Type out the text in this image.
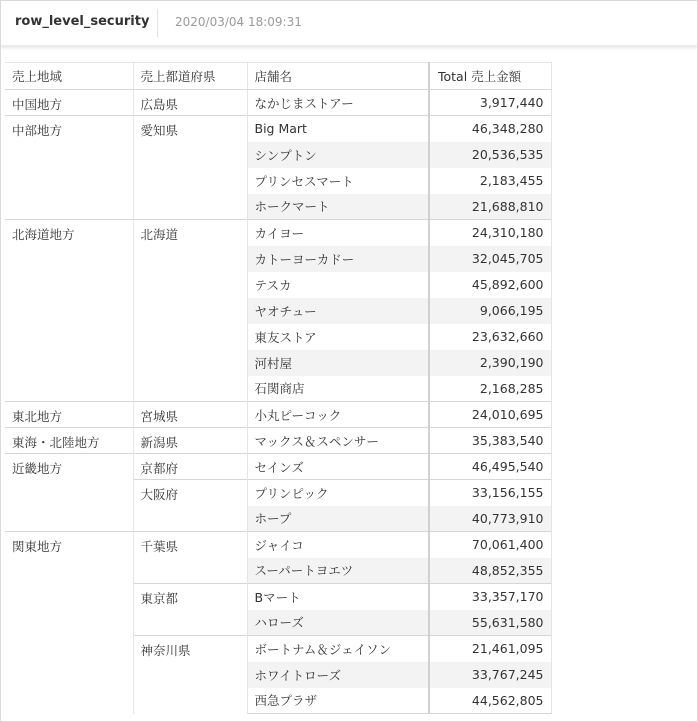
row_level_security 2020/03/04 18:09:31
売上地域	売上都道府県	店舗名	Total 売上金額
中国地方	広島県	なかじまストアー	3,917,440
中部地方	愛知県	Big Mart	46,348,280
		シンプトン	20,536,535
		プリンセスマート	2,183,455
		ホークマート	21,688,810
北海道地方	北海道	カイヨー	24,310,180
		カトーヨーカドー	32,045,705
		テスカ	45,892,600
		ヤオチュー	9,066,195
		東友ストア	23,632,660
		河村屋	2,390,190
		石関商店	2,168,285
東北地方	宮城県	小丸ピーコック	24,010,695
東海・北陸地方	新潟県	マックス＆スペンサー	35,383,540
近畿地方	京都府	セインズ	46,495,540
	大阪府	プリンピック	33,156,155
		ホープ	40,773,910
関東地方	千葉県	ジャイコ	70,061,400
		スーパートヨエツ	48,852,355
	東京都	Bマート	33,357,170
		ハローズ	55,631,580
	神奈川県	ボートナム＆ジェイソン	21,461,095
		ホワイトローズ	33,767,245
		西急プラザ	44,562,805
